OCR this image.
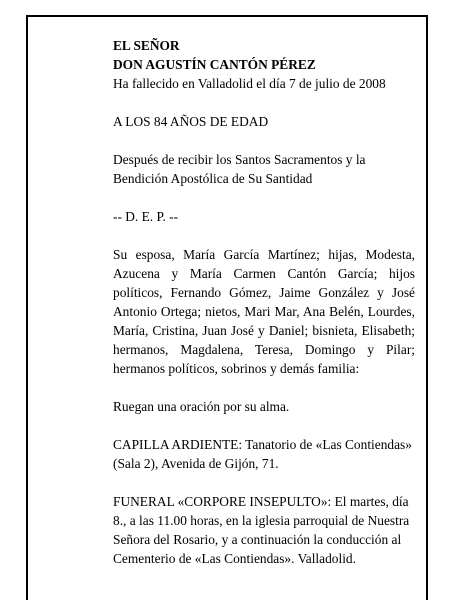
EL SEÑOR

DON AGUSTÍN CANTÓN PÉREZ

Ha fallecido en Valladolid el día 7 de julio de 2008

A LOS 84 AÑOS DE EDAD

Después de recibir los Santos Sacramentos y la Bendición Apostólica de Su Santidad

-- D. E. P. --

Su esposa, María García Martínez; hijas, Modesta, Azucena y María Carmen Cantón García; hijos políticos, Fernando Gómez, Jaime González y José Antonio Ortega; nietos, Mari Mar, Ana Belén, Lourdes, María, Cristina, Juan José y Daniel; bisnieta, Elisabeth; hermanos, Magdalena, Teresa, Domingo y Pilar; hermanos políticos, sobrinos y demás familia:

Ruegan una oración por su alma.

CAPILLA ARDIENTE: Tanatorio de «Las Contiendas» (Sala 2), Avenida de Gijón, 71.

FUNERAL «CORPORE INSEPULTO»: El martes, día 8., a las 11.00 horas, en la iglesia parroquial de Nuestra Señora del Rosario, y a continuación la conducción al Cementerio de «Las Contiendas». Valladolid.
